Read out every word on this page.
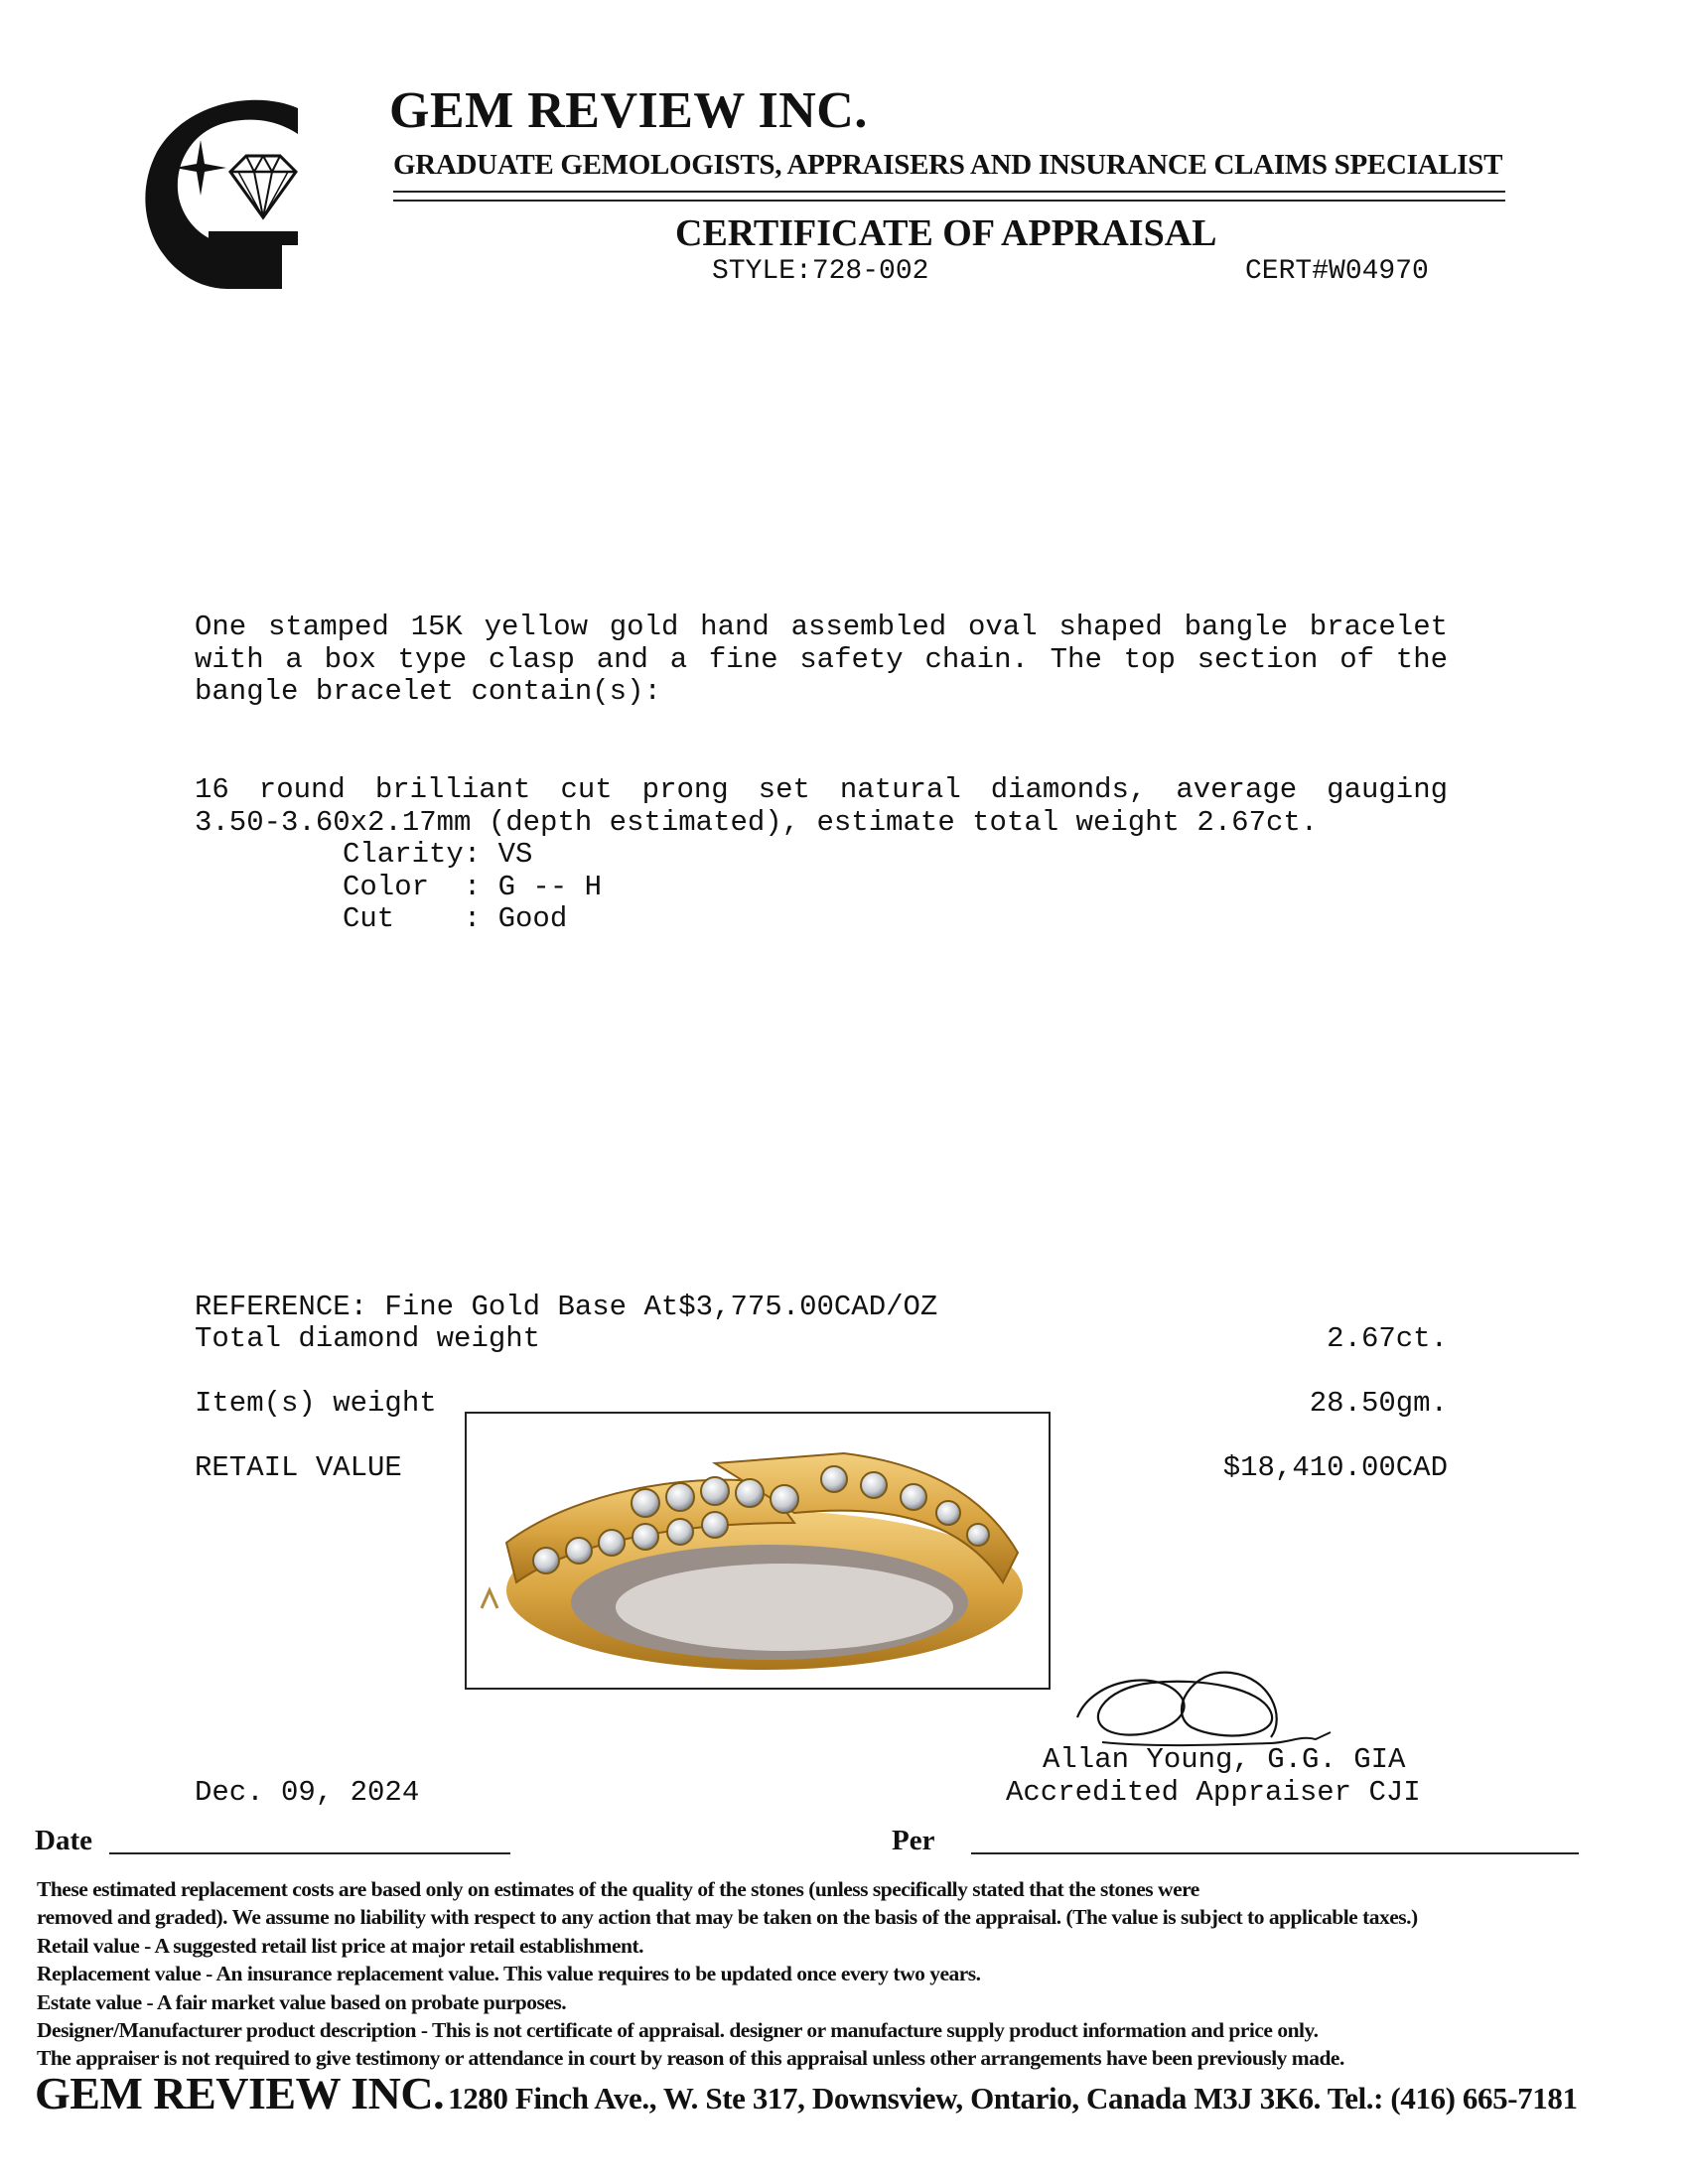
GEM REVIEW INC.
GRADUATE GEMOLOGISTS, APPRAISERS AND INSURANCE CLAIMS SPECIALIST
CERTIFICATE OF APPRAISAL
STYLE:728-002	CERT#W04970
One stamped 15K yellow gold hand assembled oval shaped bangle bracelet with a box type clasp and a fine safety chain. The top section of the bangle bracelet contain(s):
16 round brilliant cut prong set natural diamonds, average gauging
3.50-3.60x2.17mm (depth estimated), estimate total weight 2.67ct.
Clarity: VS
Color  : G -- H
Cut    : Good
REFERENCE: Fine Gold Base At$3,775.00CAD/OZ
Total diamond weight	2.67ct.
Item(s) weight	28.50gm.
RETAIL VALUE	$18,410.00CAD
Allan Young, G.G. GIA
Accredited Appraiser CJI
Dec. 09, 2024
Date	Per
These estimated replacement costs are based only on estimates of the quality of the stones (unless specifically stated that the stones were
removed and graded). We assume no liability with respect to any action that may be taken on the basis of the appraisal. (The value is subject to applicable taxes.)
Retail value - A suggested retail list price at major retail establishment.
Replacement value - An insurance replacement value. This value requires to be updated once every two years.
Estate value - A fair market value based on probate purposes.
Designer/Manufacturer product description - This is not certificate of appraisal. designer or manufacture supply product information and price only.
The appraiser is not required to give testimony or attendance in court by reason of this appraisal unless other arrangements have been previously made.
GEM REVIEW INC. 1280 Finch Ave., W. Ste 317, Downsview, Ontario, Canada M3J 3K6. Tel.: (416) 665-7181
